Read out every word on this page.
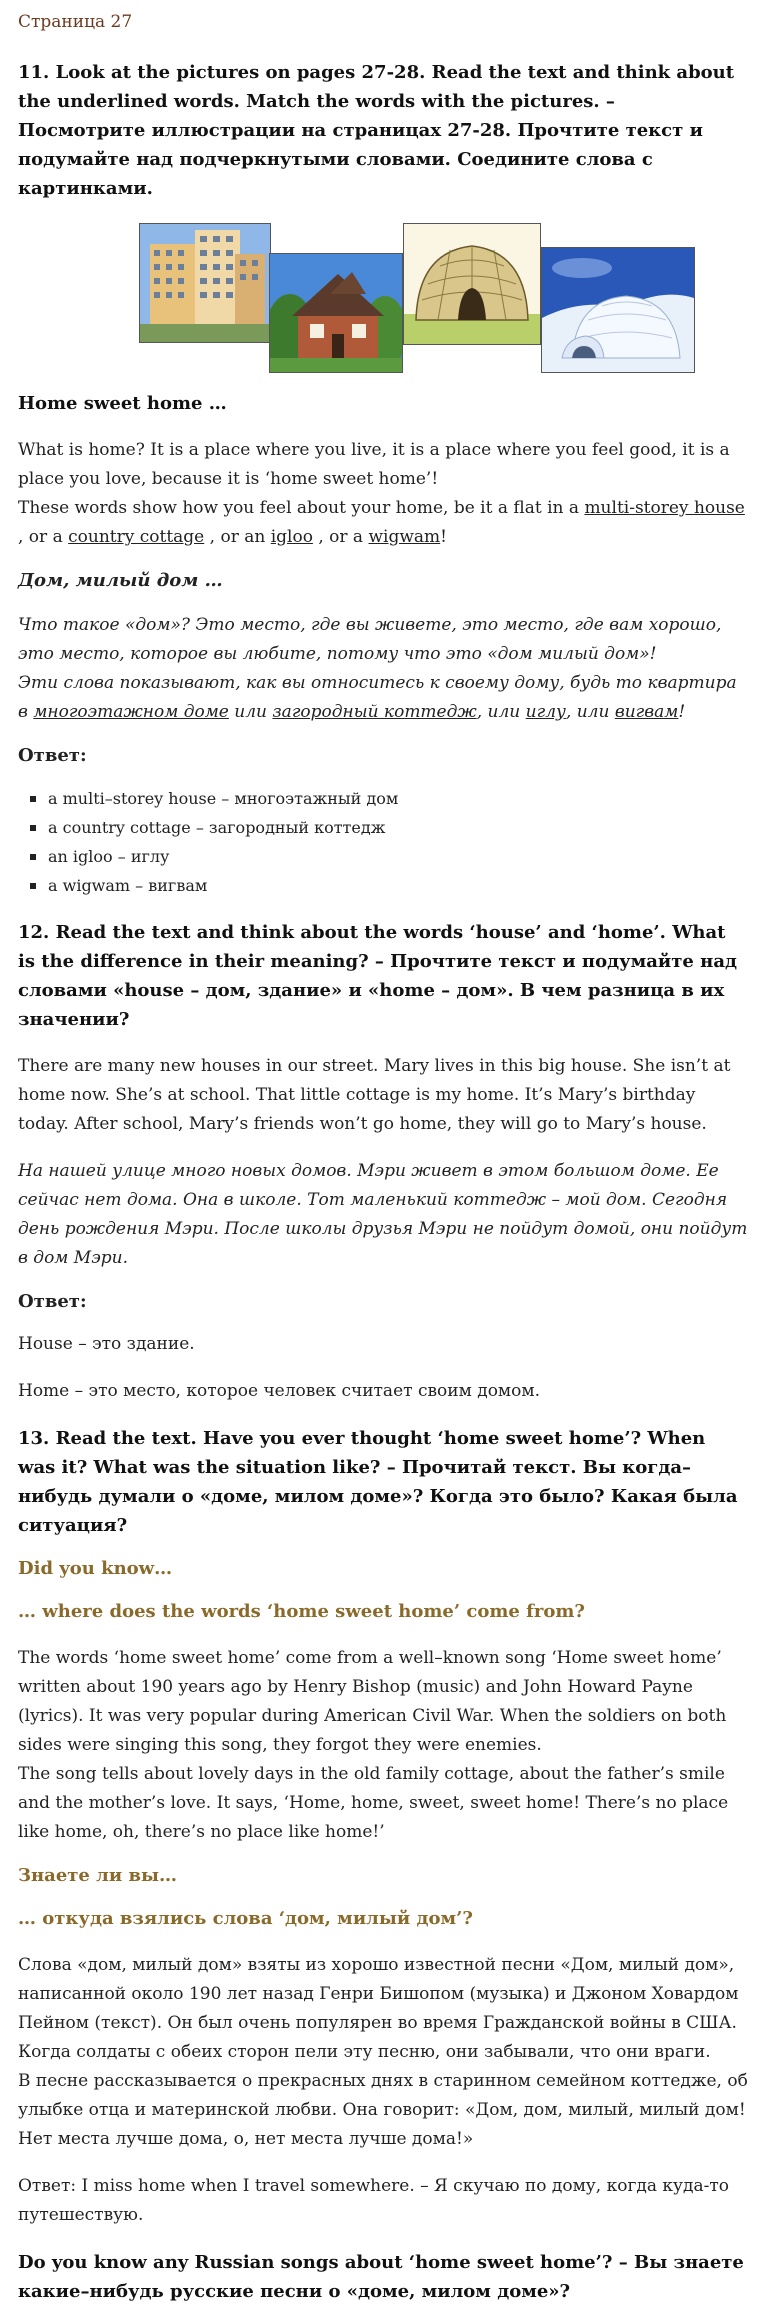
Страница 27
11. Look at the pictures on pages 27-28. Read the text and think about the underlined words. Match the words with the pictures. – Посмотрите иллюстрации на страницах 27-28. Прочтите текст и подумайте над подчеркнутыми словами. Соедините слова с картинками.
Home sweet home …

What is home? It is a place where you live, it is a place where you feel good, it is a place you love, because it is ‘home sweet home’!
These words show how you feel about your home, be it a flat in a multi-storey house , or a country cottage , or an igloo , or a wigwam!

Дом, милый дом …

Что такое «дом»? Это место, где вы живете, это место, где вам хорошо, это место, которое вы любите, потому что это «дом милый дом»!
Эти слова показывают, как вы относитесь к своему дому, будь то квартира в многоэтажном доме или загородный коттедж, или иглу, или вигвам!

Ответ:
a multi–storey house – многоэтажный дом
a country cottage – загородный коттедж
an igloo – иглу
a wigwam – вигвам
12. Read the text and think about the words ‘house’ and ‘home’. What is the difference in their meaning? – Прочтите текст и подумайте над словами «house – дом, здание» и «home – дом». В чем разница в их значении?

There are many new houses in our street. Mary lives in this big house. She isn’t at home now. She’s at school. That little cottage is my home. It’s Mary’s birthday today. After school, Mary’s friends won’t go home, they will go to Mary’s house.

На нашей улице много новых домов. Мэри живет в этом большом доме. Ее сейчас нет дома. Она в школе. Тот маленький коттедж – мой дом. Сегодня день рождения Мэри. После школы друзья Мэри не пойдут домой, они пойдут в дом Мэри.

Ответ:

House – это здание.

Home – это место, которое человек считает своим домом.

13. Read the text. Have you ever thought ‘home sweet home’? When was it? What was the situation like? – Прочитай текст. Вы когда–нибудь думали о «доме, милом доме»? Когда это было? Какая была ситуация?
Did you know…
… where does the words ‘home sweet home’ come from?

The words ‘home sweet home’ come from a well–known song ‘Home sweet home’ written about 190 years ago by Henry Bishop (music) and John Howard Payne (lyrics). It was very popular during American Civil War. When the soldiers on both sides were singing this song, they forgot they were enemies.
The song tells about lovely days in the old family cottage, about the father’s smile and the mother’s love. It says, ‘Home, home, sweet, sweet home! There’s no place like home, oh, there’s no place like home!’

Знаете ли вы…
… откуда взялись слова ‘дом, милый дом’?

Слова «дом, милый дом» взяты из хорошо известной песни «Дом, милый дом», написанной около 190 лет назад Генри Бишопом (музыка) и Джоном Ховардом Пейном (текст). Он был очень популярен во время Гражданской войны в США. Когда солдаты с обеих сторон пели эту песню, они забывали, что они враги.
В песне рассказывается о прекрасных днях в старинном семейном коттедже, об улыбке отца и материнской любви. Она говорит: «Дом, дом, милый, милый дом! Нет места лучше дома, о, нет места лучше дома!»

Ответ: I miss home when I travel somewhere. – Я скучаю по дому, когда куда-то путешествую.

Do you know any Russian songs about ‘home sweet home’? – Вы знаете какие–нибудь русские песни о «доме, милом доме»?
